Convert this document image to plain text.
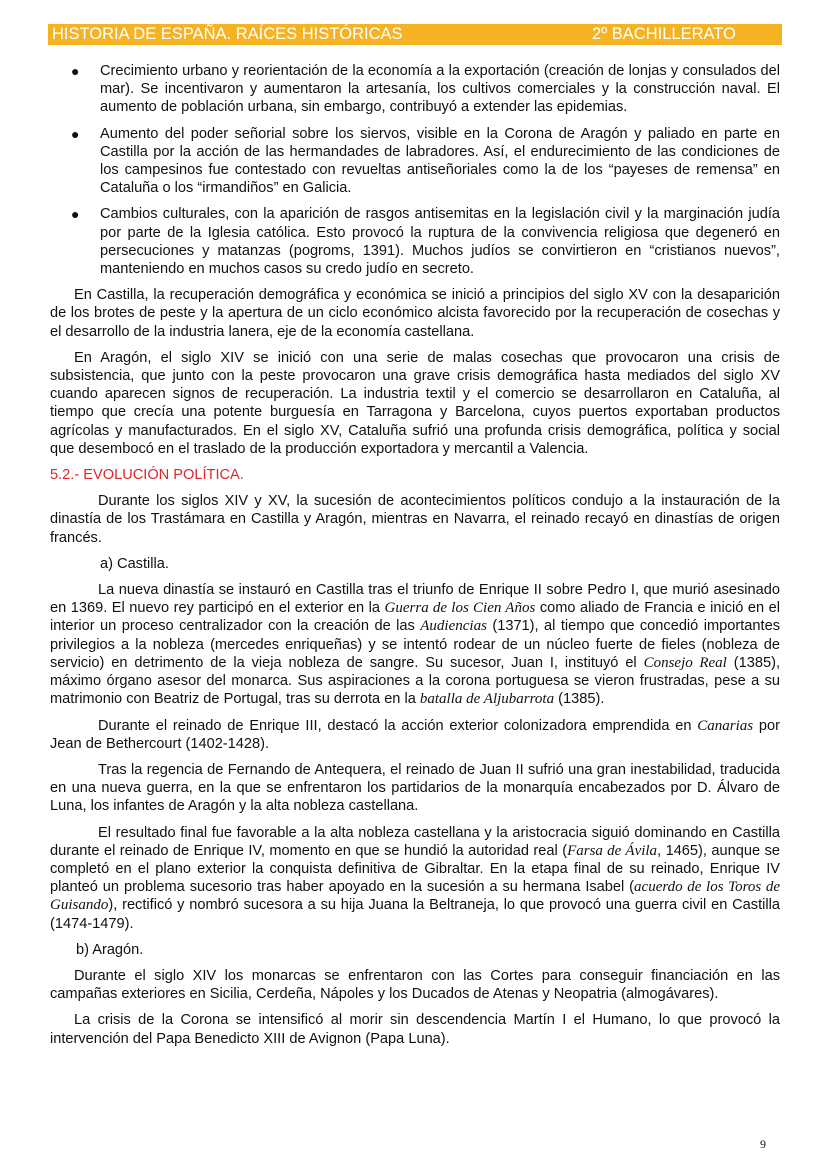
HISTORIA DE ESPAÑA. RAÍCES HISTÓRICAS	2º BACHILLERATO
● Crecimiento urbano y reorientación de la economía a la exportación (creación de lonjas y consulados del mar). Se incentivaron y aumentaron la artesanía, los cultivos comerciales y la construcción naval. El aumento de población urbana, sin embargo, contribuyó a extender las epidemias.
● Aumento del poder señorial sobre los siervos, visible en la Corona de Aragón y paliado en parte en Castilla por la acción de las hermandades de labradores. Así, el endurecimiento de las condiciones de los campesinos fue contestado con revueltas antiseñoriales como la de los “payeses de remensa” en Cataluña o los “irmandiños” en Galicia.
● Cambios culturales, con la aparición de rasgos antisemitas en la legislación civil y la marginación judía por parte de la Iglesia católica. Esto provocó la ruptura de la convivencia religiosa que degeneró en persecuciones y matanzas (pogroms, 1391). Muchos judíos se convirtieron en “cristianos nuevos”, manteniendo en muchos casos su credo judío en secreto.

En Castilla, la recuperación demográfica y económica se inició a principios del siglo XV con la desaparición de los brotes de peste y la apertura de un ciclo económico alcista favorecido por la recuperación de cosechas y el desarrollo de la industria lanera, eje de la economía castellana.

En Aragón, el siglo XIV se inició con una serie de malas cosechas que provocaron una crisis de subsistencia, que junto con la peste provocaron una grave crisis demográfica hasta mediados del siglo XV cuando aparecen signos de recuperación. La industria textil y el comercio se desarrollaron en Cataluña, al tiempo que crecía una potente burguesía en Tarragona y Barcelona, cuyos puertos exportaban productos agrícolas y manufacturados. En el siglo XV, Cataluña sufrió una profunda crisis demográfica, política y social que desembocó en el traslado de la producción exportadora y mercantil a Valencia.

5.2.- EVOLUCIÓN POLÍTICA.

Durante los siglos XIV y XV, la sucesión de acontecimientos políticos condujo a la instauración de la dinastía de los Trastámara en Castilla y Aragón, mientras en Navarra, el reinado recayó en dinastías de origen francés.

a) Castilla.

La nueva dinastía se instauró en Castilla tras el triunfo de Enrique II sobre Pedro I, que murió asesinado en 1369. El nuevo rey participó en el exterior en la Guerra de los Cien Años como aliado de Francia e inició en el interior un proceso centralizador con la creación de las Audiencias (1371), al tiempo que concedió importantes privilegios a la nobleza (mercedes enriqueñas) y se intentó rodear de un núcleo fuerte de fieles (nobleza de servicio) en detrimento de la vieja nobleza de sangre. Su sucesor, Juan I, instituyó el Consejo Real (1385), máximo órgano asesor del monarca. Sus aspiraciones a la corona portuguesa se vieron frustradas, pese a su matrimonio con Beatriz de Portugal, tras su derrota en la batalla de Aljubarrota (1385).

Durante el reinado de Enrique III, destacó la acción exterior colonizadora emprendida en Canarias por Jean de Bethercourt (1402-1428).

Tras la regencia de Fernando de Antequera, el reinado de Juan II sufrió una gran inestabilidad, traducida en una nueva guerra, en la que se enfrentaron los partidarios de la monarquía encabezados por D. Álvaro de Luna, los infantes de Aragón y la alta nobleza castellana.

El resultado final fue favorable a la alta nobleza castellana y la aristocracia siguió dominando en Castilla durante el reinado de Enrique IV, momento en que se hundió la autoridad real (Farsa de Ávila, 1465), aunque se completó en el plano exterior la conquista definitiva de Gibraltar. En la etapa final de su reinado, Enrique IV planteó un problema sucesorio tras haber apoyado en la sucesión a su hermana Isabel (acuerdo de los Toros de Guisando), rectificó y nombró sucesora a su hija Juana la Beltraneja, lo que provocó una guerra civil en Castilla (1474-1479).

b) Aragón.

Durante el siglo XIV los monarcas se enfrentaron con las Cortes para conseguir financiación en las campañas exteriores en Sicilia, Cerdeña, Nápoles y los Ducados de Atenas y Neopatria (almogávares).

La crisis de la Corona se intensificó al morir sin descendencia Martín I el Humano, lo que provocó la intervención del Papa Benedicto XIII de Avignon (Papa Luna).

9
